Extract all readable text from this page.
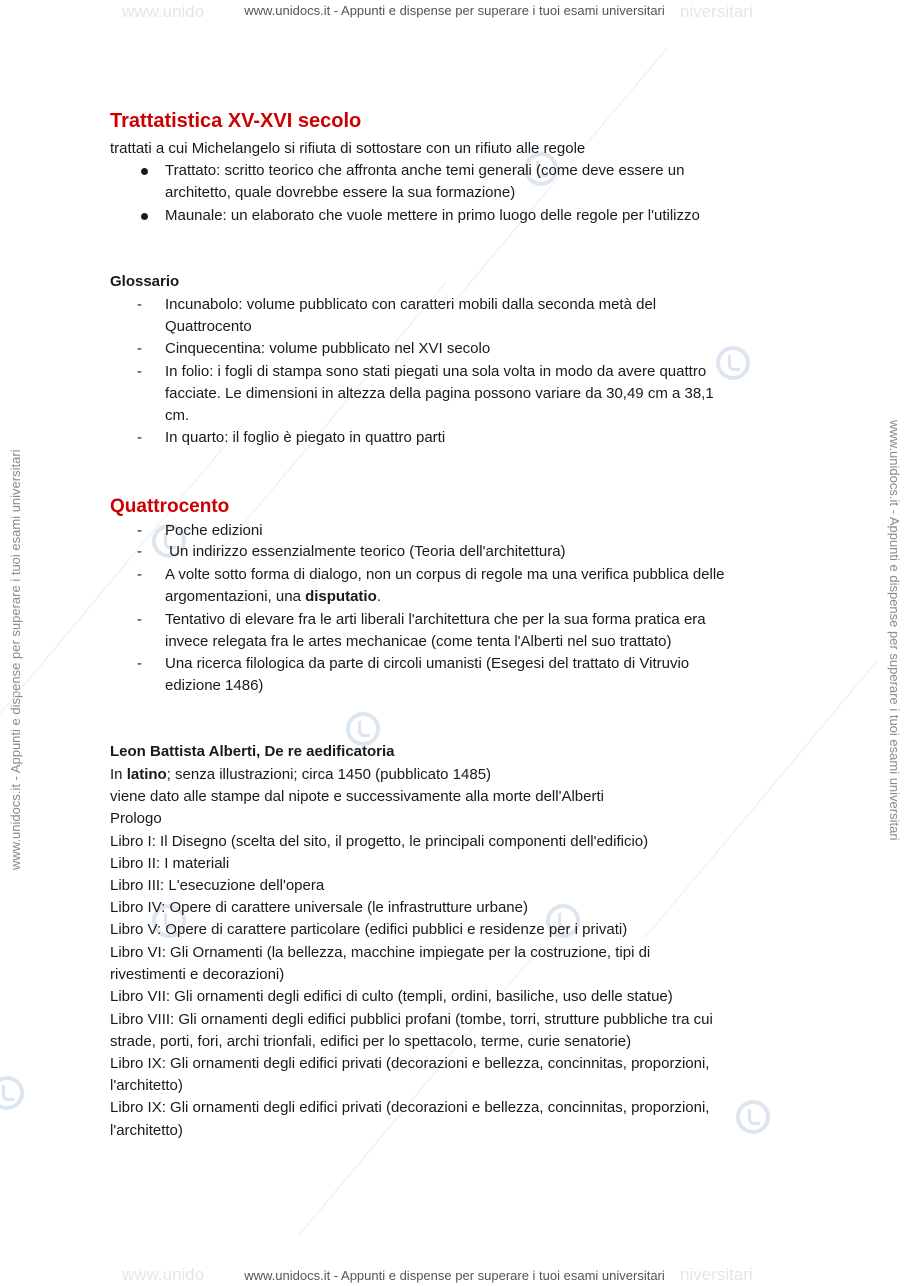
www.unido	niversitari
www.unido	niversitari
www.unidocs.it - Appunti e dispense per superare i tuoi esami universitari
www.unidocs.it - Appunti e dispense per superare i tuoi esami universitari
www.unidocs.it - Appunti e dispense per superare i tuoi esami universitari	www.unidocs.it - Appunti e dispense per superare i tuoi esami universitari
Trattatistica XV-XVI secolo
trattati a cui Michelangelo si rifiuta di sottostare con un rifiuto alle regole
Trattato: scritto teorico che affronta anche temi generali (come deve essere un
architetto, quale dovrebbe essere la sua formazione)
Maunale: un elaborato che vuole mettere in primo luogo delle regole per l'utilizzo
Glossario
- Incunabolo: volume pubblicato con caratteri mobili dalla seconda metà del
Quattrocento
- Cinquecentina: volume pubblicato nel XVI secolo
- In folio: i fogli di stampa sono stati piegati una sola volta in modo da avere quattro
facciate. Le dimensioni in altezza della pagina possono variare da 30,49 cm a 38,1
cm.
- In quarto: il foglio è piegato in quattro parti
Quattrocento
- Poche edizioni
- Un indirizzo essenzialmente teorico (Teoria dell'architettura)
- A volte sotto forma di dialogo, non un corpus di regole ma una verifica pubblica delle
argomentazioni, una disputatio.
- Tentativo di elevare fra le arti liberali l'architettura che per la sua forma pratica era
invece relegata fra le artes mechanicae (come tenta l'Alberti nel suo trattato)
- Una ricerca filologica da parte di circoli umanisti (Esegesi del trattato di Vitruvio
edizione 1486)
Leon Battista Alberti, De re aedificatoria
In latino; senza illustrazioni; circa 1450 (pubblicato 1485)
viene dato alle stampe dal nipote e successivamente alla morte dell'Alberti
Prologo
Libro I: Il Disegno (scelta del sito, il progetto, le principali componenti dell'edificio)
Libro II: I materiali
Libro III: L'esecuzione dell'opera
Libro IV: Opere di carattere universale (le infrastrutture urbane)
Libro V: Opere di carattere particolare (edifici pubblici e residenze per i privati)
Libro VI: Gli Ornamenti (la bellezza, macchine impiegate per la costruzione, tipi di
rivestimenti e decorazioni)
Libro VII: Gli ornamenti degli edifici di culto (templi, ordini, basiliche, uso delle statue)
Libro VIII: Gli ornamenti degli edifici pubblici profani (tombe, torri, strutture pubbliche tra cui
strade, porti, fori, archi trionfali, edifici per lo spettacolo, terme, curie senatorie)
Libro IX: Gli ornamenti degli edifici privati (decorazioni e bellezza, concinnitas, proporzioni,
l'architetto)
Libro IX: Gli ornamenti degli edifici privati (decorazioni e bellezza, concinnitas, proporzioni,
l'architetto)
